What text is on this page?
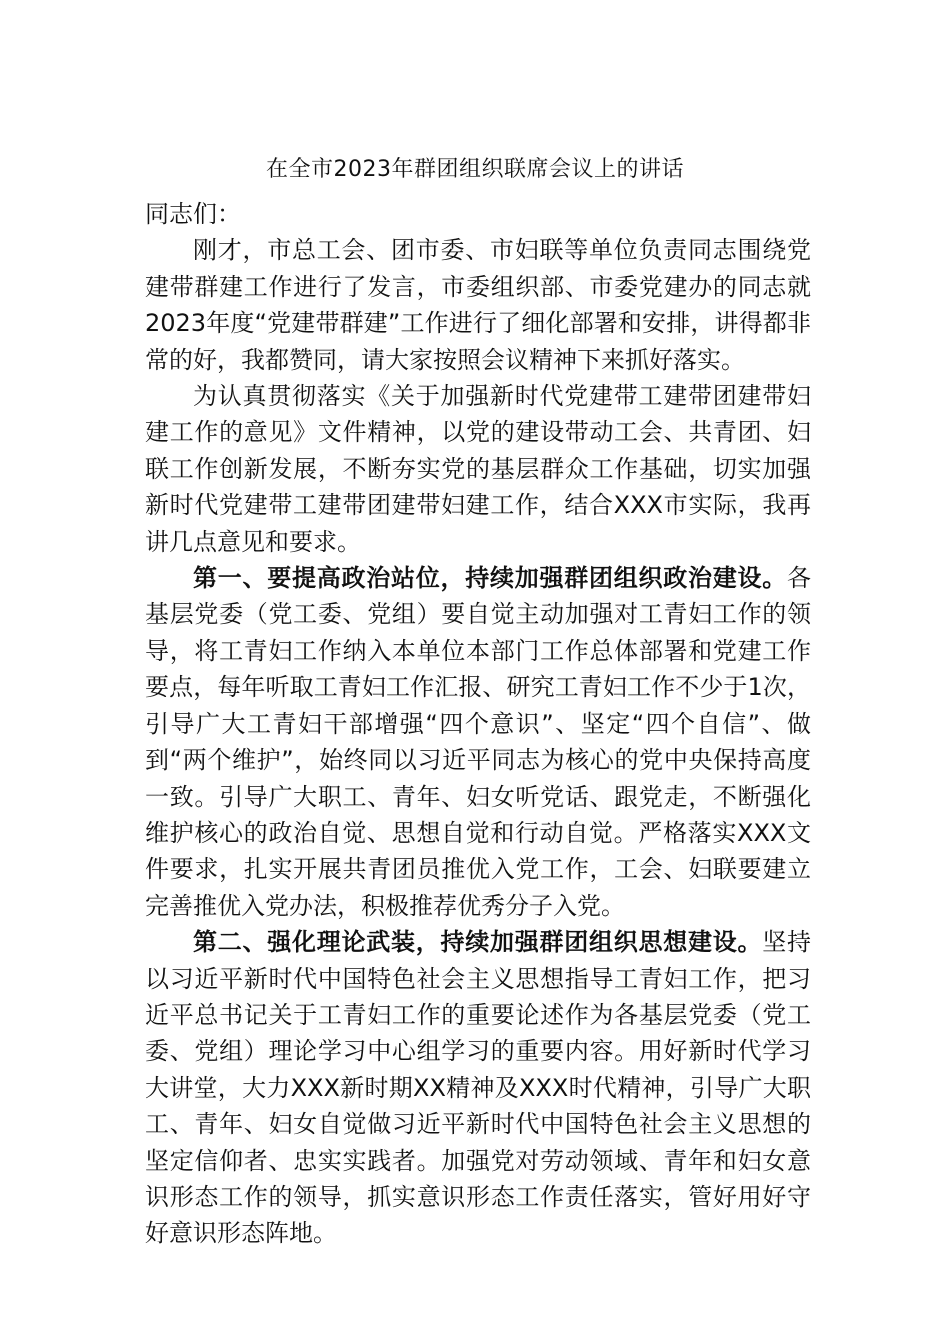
在全市2023年群团组织联席会议上的讲话

同志们：

刚才，市总工会、团市委、市妇联等单位负责同志围绕党建带群建工作进行了发言，市委组织部、市委党建办的同志就2023年度“党建带群建”工作进行了细化部署和安排，讲得都非常的好，我都赞同，请大家按照会议精神下来抓好落实。

为认真贯彻落实《关于加强新时代党建带工建带团建带妇建工作的意见》文件精神，以党的建设带动工会、共青团、妇联工作创新发展，不断夯实党的基层群众工作基础，切实加强新时代党建带工建带团建带妇建工作，结合XXX市实际，我再讲几点意见和要求。

第一、要提高政治站位，持续加强群团组织政治建设。各基层党委（党工委、党组）要自觉主动加强对工青妇工作的领导，将工青妇工作纳入本单位本部门工作总体部署和党建工作要点，每年听取工青妇工作汇报、研究工青妇工作不少于1次，引导广大工青妇干部增强“四个意识”、坚定“四个自信”、做到“两个维护”，始终同以习近平同志为核心的党中央保持高度一致。引导广大职工、青年、妇女听党话、跟党走，不断强化维护核心的政治自觉、思想自觉和行动自觉。严格落实XXX文件要求，扎实开展共青团员推优入党工作，工会、妇联要建立完善推优入党办法，积极推荐优秀分子入党。

第二、强化理论武装，持续加强群团组织思想建设。坚持以习近平新时代中国特色社会主义思想指导工青妇工作，把习近平总书记关于工青妇工作的重要论述作为各基层党委（党工委、党组）理论学习中心组学习的重要内容。用好新时代学习大讲堂，大力XXX新时期XX精神及XXX时代精神，引导广大职工、青年、妇女自觉做习近平新时代中国特色社会主义思想的坚定信仰者、忠实实践者。加强党对劳动领域、青年和妇女意识形态工作的领导，抓实意识形态工作责任落实，管好用好守好意识形态阵地。
